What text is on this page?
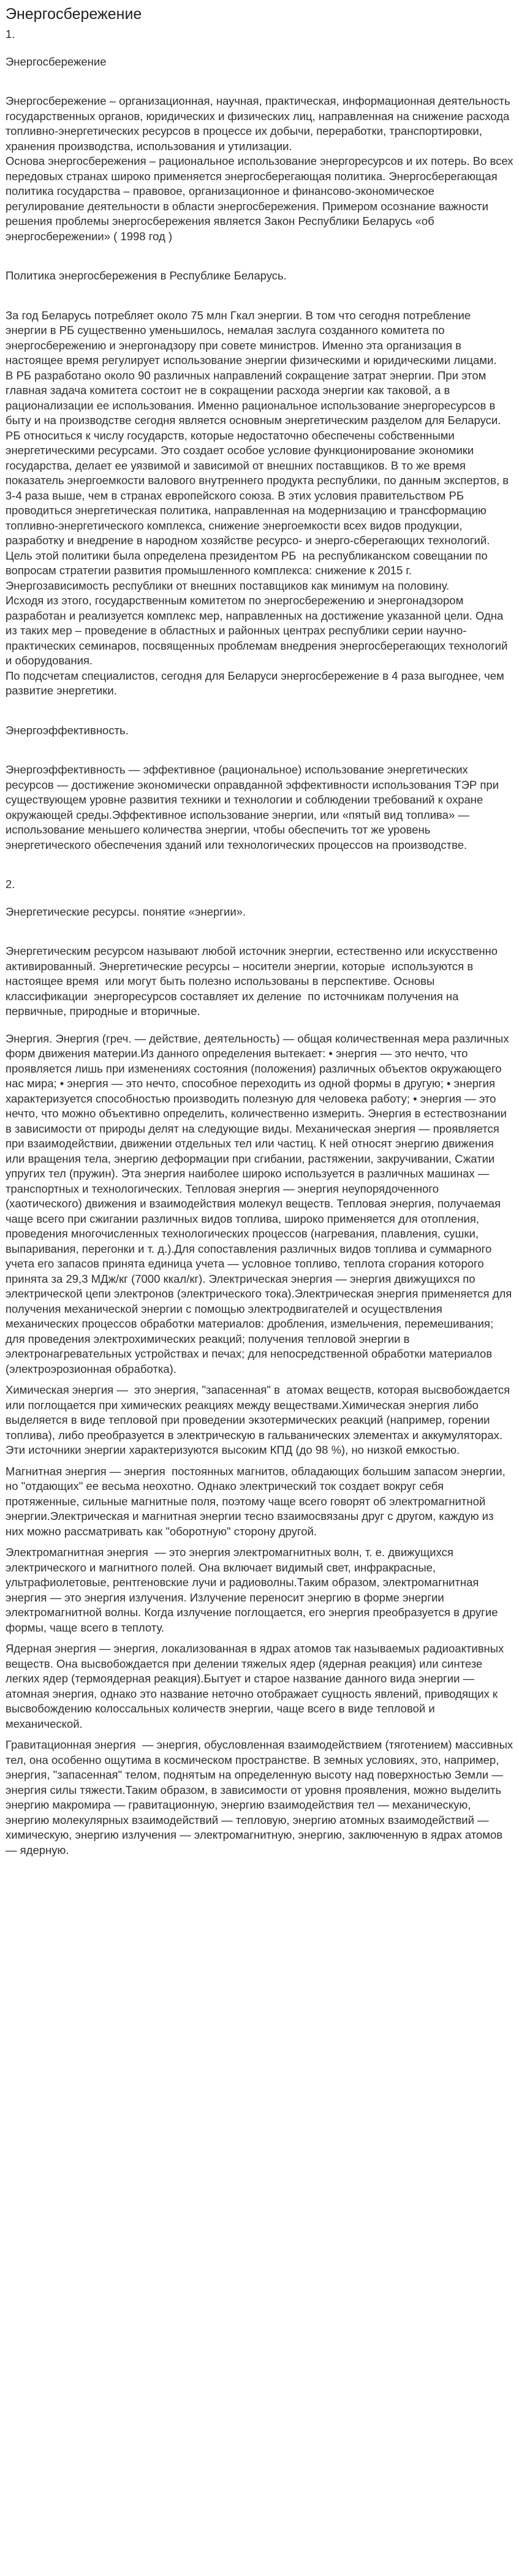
Энергосбережение
1.
Энергосбережение
Энергосбережение – организационная, научная, практическая, информационная деятельность государственных органов, юридических и физических лиц, направленная на снижение расхода топливно-энергетических ресурсов в процессе их добычи, переработки, транспортировки, хранения производства, использования и утилизации.
Основа энергосбережения – рациональное использование энергоресурсов и их потерь. Во всех передовых странах широко применяется энергосберегающая политика. Энергосберегающая политика государства – правовое, организационное и финансово-экономическое регулирование деятельности в области энергосбережения. Примером осознание важности решения проблемы энергосбережения является Закон Республики Беларусь «об энергосбережении» ( 1998 год )
Политика энергосбережения в Республике Беларусь.
За год Беларусь потребляет около 75 млн Гкал энергии. В том что сегодня потребление энергии в РБ существенно уменьшилось, немалая заслуга созданного комитета по энергосбережению и энергонадзору при совете министров. Именно эта организация в настоящее время регулирует использование энергии физическими и юридическими лицами.
В РБ разработано около 90 различных направлений сокращение затрат энергии. При этом главная задача комитета состоит не в сокращении расхода энергии как таковой, а в рационализации ее использования. Именно рациональное использование энергоресурсов в быту и на производстве сегодня является основным энергетическим разделом для Беларуси.
РБ относиться к числу государств, которые недостаточно обеспечены собственными энергетическими ресурсами. Это создает особое условие функционирование экономики государства, делает ее уязвимой и зависимой от внешних поставщиков. В то же время показатель энергоемкости валового внутреннего продукта республики, по данным экспертов, в 3-4 раза выше, чем в странах европейского союза. В этих условия правительством РБ проводиться энергетическая политика, направленная на модернизацию и трансформацию топливно-энергетического комплекса, снижение энергоемкости всех видов продукции, разработку и внедрение в народном хозяйстве ресурсо- и энерго-сберегающих технологий. Цель этой политики была определена президентом РБ  на республиканском совещании по вопросам стратегии развития промышленного комплекса: снижение к 2015 г. Энергозависимость республики от внешних поставщиков как минимум на половину.
Исходя из этого, государственным комитетом по энергосбережению и энергонадзором разработан и реализуется комплекс мер, направленных на достижение указанной цели. Одна из таких мер – проведение в областных и районных центрах республики серии научно-практических семинаров, посвященных проблемам внедрения энергосберегающих технологий и оборудования.
По подсчетам специалистов, сегодня для Беларуси энергосбережение в 4 раза выгоднее, чем развитие энергетики.
Энергоэффективность.
Энергоэффективность — эффективное (рациональное) использование энергетических ресурсов — достижение экономически оправданной эффективности использования ТЭР при существующем уровне развития техники и технологии и соблюдении требований к охране окружающей среды.Эффективное использование энергии, или «пятый вид топлива» — использование меньшего количества энергии, чтобы обеспечить тот же уровень энергетического обеспечения зданий или технологических процессов на производстве.
2.
Энергетические ресурсы. понятие «энергии».
Энергетическим ресурсом называют любой источник энергии, естественно или искусственно активированный. Энергетические ресурсы – носители энергии, которые  используются в настоящее время  или могут быть полезно использованы в перспективе. Основы классификации  энергоресурсов составляет их деление  по источникам получения на первичные, природные и вторичные.
Энергия. Энергия (греч. — действие, деятельность) — общая количественная мера различных форм движения материи.Из данного определения вытекает: • энергия — это нечто, что проявляется лишь при изменениях состояния (положения) различных объектов окружающего нас мира; • энергия — это нечто, способное переходить из одной формы в другую; • энергия характеризуется способностью производить полезную для человека работу; • энергия — это нечто, что можно объективно определить, количественно измерить. Энергия в естествознании в зависимости от природы делят на следующие виды. Механическая энергия — проявляется при взаимодействии, движении отдельных тел или частиц. К ней относят энергию движения или вращения тела, энергию деформации при сгибании, растяжении, закручивании, Сжатии упругих тел (пружин). Эта энергия наиболее широко используется в различных машинах — транспортных и технологических. Тепловая энергия — энергия неупорядоченного (хаотического) движения и взаимодействия молекул веществ. Тепловая энергия, получаемая чаще всего при сжигании различных видов топлива, широко применяется для отопления, проведения многочисленных технологических процессов (нагревания, плавления, сушки, выпаривания, перегонки и т. д.).Для сопоставления различных видов топлива и суммарного учета его запасов принята единица учета — условное топливо, теплота сгорания которого принята за 29,3 МДж/кг (7000 ккал/кг). Электрическая энергия — энергия движущихся по электрической цепи электронов (электрического тока).Электрическая энергия применяется для получения механической энергии с помощью электродвигателей и осуществления механических процессов обработки материалов: дробления, измельчения, перемешивания; для проведения электрохимических реакций; получения тепловой энергии в электронагревательных устройствах и печах; для непосредственной обработки материалов (электроэрозионная обработка).
Химическая энергия —  это энергия, "запасенная" в  атомах веществ, которая высвобождается или поглощается при химических реакциях между веществами.Химическая энергия либо выделяется в виде тепловой при проведении экзотермических реакций (например, горении топлива), либо преобразуется в электрическую в гальванических элементах и аккумуляторах. Эти источники энергии характеризуются высоким КПД (до 98 %), но низкой емкостью.
Магнитная энергия — энергия  постоянных магнитов, обладающих большим запасом энергии, но "отдающих" ее весьма неохотно. Однако электрический ток создает вокруг себя протяженные, сильные магнитные поля, поэтому чаще всего говорят об электромагнитной энергии.Электрическая и магнитная энергии тесно взаимосвязаны друг с другом, каждую из них можно рассматривать как "оборотную" сторону другой.
Электромагнитная энергия  — это энергия электромагнитных волн, т. е. движущихся электрического и магнитного полей. Она включает видимый свет, инфракрасные, ультрафиолетовые, рентгеновские лучи и радиоволны.Таким образом, электромагнитная энергия — это энергия излучения. Излучение переносит энергию в форме энергии электромагнитной волны. Когда излучение поглощается, его энергия преобразуется в другие формы, чаще всего в теплоту.
Ядерная энергия — энергия, локализованная в ядрах атомов так называемых радиоактивных веществ. Она высвобождается при делении тяжелых ядер (ядерная реакция) или синтезе легких ядер (термоядерная реакция).Бытует и старое название данного вида энергии — атомная энергия, однако это название неточно отображает сущность явлений, приводящих к высвобождению колоссальных количеств энергии, чаще всего в виде тепловой и механической.
Гравитационная энергия  — энергия, обусловленная взаимодействием (тяготением) массивных тел, она особенно ощутима в космическом пространстве. В земных условиях, это, например, энергия, "запасенная" телом, поднятым на определенную высоту над поверхностью Земли — энергия силы тяжести.Таким образом, в зависимости от уровня проявления, можно выделить энергию макромира — гравитационную, энергию взаимодействия тел — механическую, энергию молекулярных взаимодействий — тепловую, энергию атомных взаимодействий — химическую, энергию излучения — электромагнитную, энергию, заключенную в ядрах атомов — ядерную.
